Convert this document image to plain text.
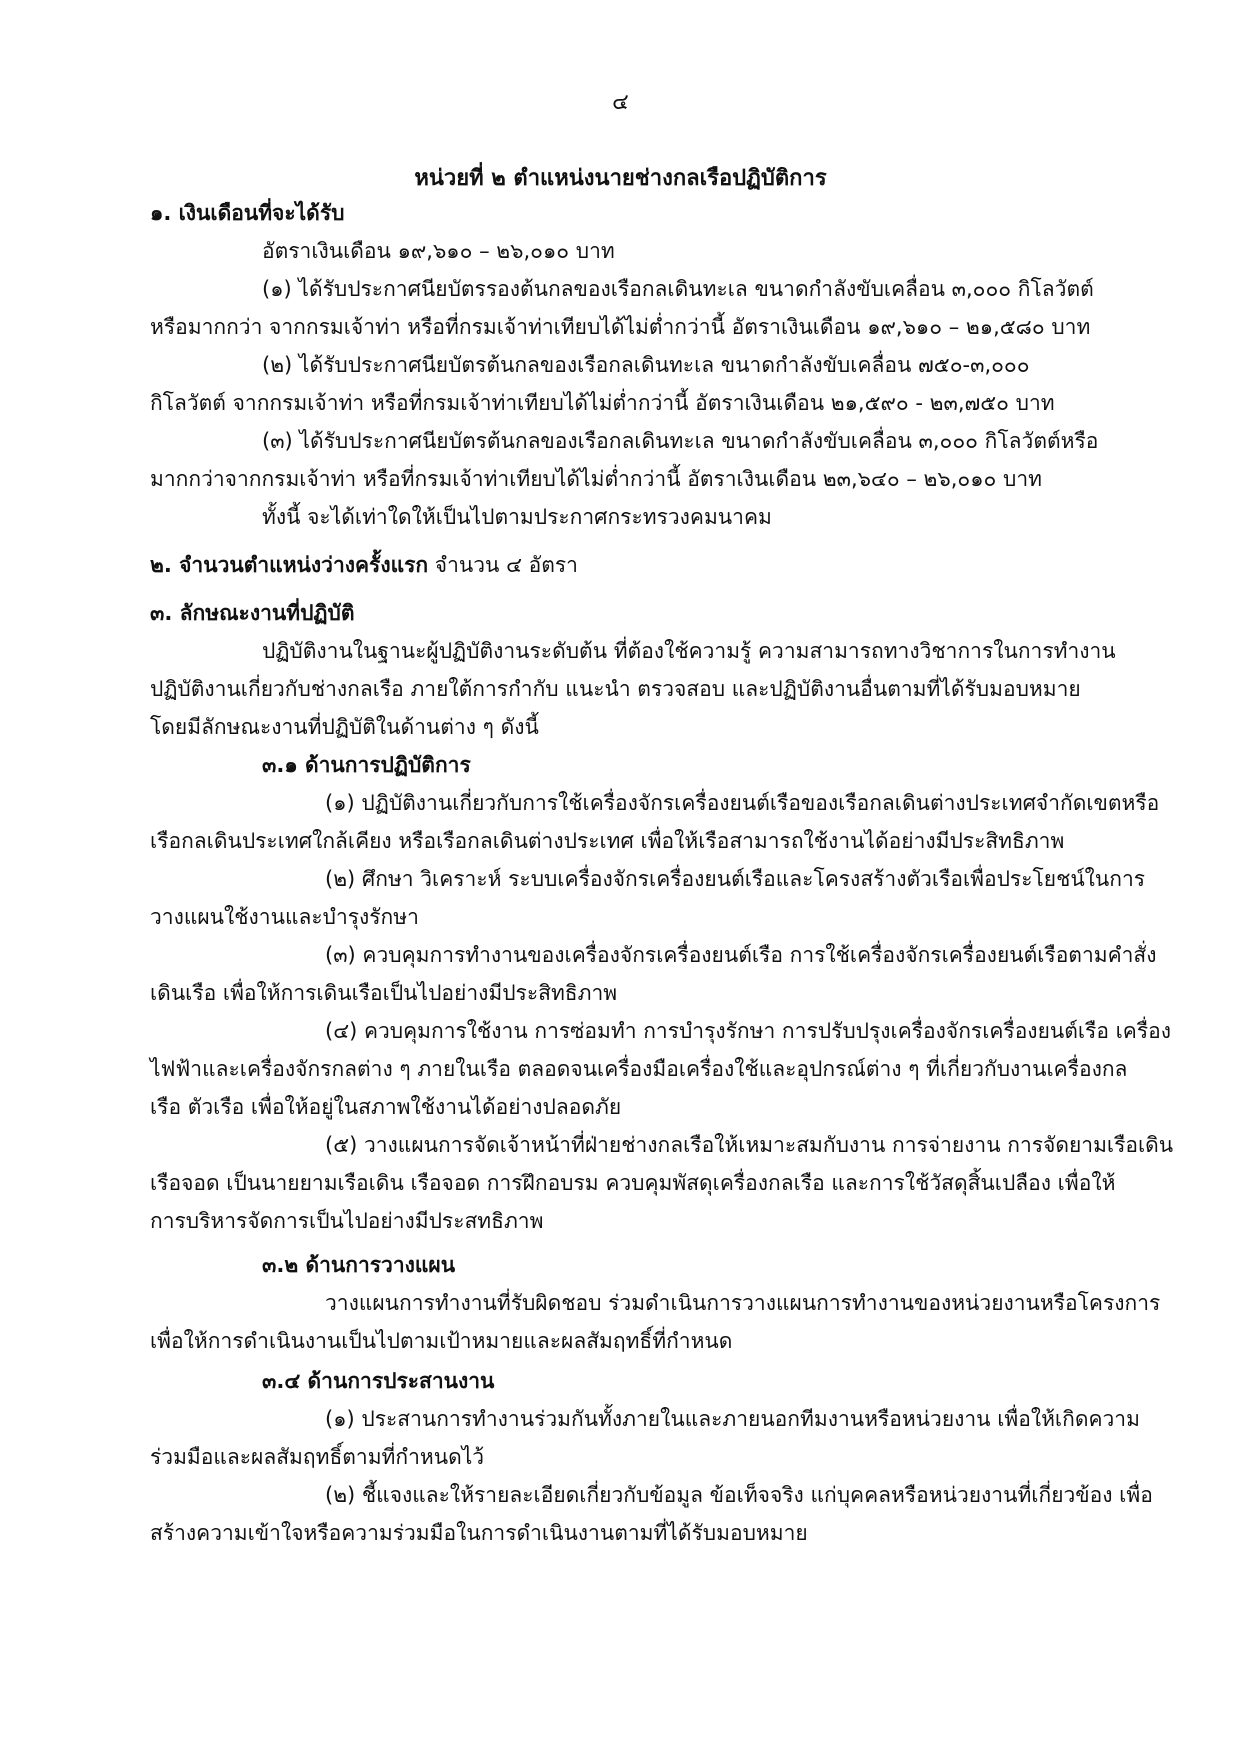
๔
หน่วยที่ ๒ ตำแหน่งนายช่างกลเรือปฏิบัติการ
๑. เงินเดือนที่จะได้รับ
อัตราเงินเดือน ๑๙,๖๑๐ – ๒๖,๐๑๐ บาท
(๑) ได้รับประกาศนียบัตรรองต้นกลของเรือกลเดินทะเล ขนาดกำลังขับเคลื่อน ๓,๐๐๐ กิโลวัตต์
หรือมากกว่า จากกรมเจ้าท่า หรือที่กรมเจ้าท่าเทียบได้ไม่ต่ำกว่านี้ อัตราเงินเดือน ๑๙,๖๑๐ – ๒๑,๕๘๐ บาท
(๒) ได้รับประกาศนียบัตรต้นกลของเรือกลเดินทะเล ขนาดกำลังขับเคลื่อน ๗๕๐-๓,๐๐๐
กิโลวัตต์ จากกรมเจ้าท่า หรือที่กรมเจ้าท่าเทียบได้ไม่ต่ำกว่านี้ อัตราเงินเดือน ๒๑,๕๙๐ - ๒๓,๗๕๐ บาท
(๓) ได้รับประกาศนียบัตรต้นกลของเรือกลเดินทะเล ขนาดกำลังขับเคลื่อน ๓,๐๐๐ กิโลวัตต์หรือ
มากกว่าจากกรมเจ้าท่า หรือที่กรมเจ้าท่าเทียบได้ไม่ต่ำกว่านี้ อัตราเงินเดือน ๒๓,๖๔๐ – ๒๖,๐๑๐ บาท
ทั้งนี้ จะได้เท่าใดให้เป็นไปตามประกาศกระทรวงคมนาคม
๒. จำนวนตำแหน่งว่างครั้งแรก จำนวน ๔ อัตรา
๓. ลักษณะงานที่ปฏิบัติ
ปฏิบัติงานในฐานะผู้ปฏิบัติงานระดับต้น ที่ต้องใช้ความรู้ ความสามารถทางวิชาการในการทำงาน
ปฏิบัติงานเกี่ยวกับช่างกลเรือ ภายใต้การกำกับ แนะนำ ตรวจสอบ และปฏิบัติงานอื่นตามที่ได้รับมอบหมาย
โดยมีลักษณะงานที่ปฏิบัติในด้านต่าง ๆ ดังนี้
๓.๑ ด้านการปฏิบัติการ
(๑) ปฏิบัติงานเกี่ยวกับการใช้เครื่องจักรเครื่องยนต์เรือของเรือกลเดินต่างประเทศจำกัดเขตหรือ
เรือกลเดินประเทศใกล้เคียง หรือเรือกลเดินต่างประเทศ เพื่อให้เรือสามารถใช้งานได้อย่างมีประสิทธิภาพ
(๒) ศึกษา วิเคราะห์ ระบบเครื่องจักรเครื่องยนต์เรือและโครงสร้างตัวเรือเพื่อประโยชน์ในการ
วางแผนใช้งานและบำรุงรักษา
(๓) ควบคุมการทำงานของเครื่องจักรเครื่องยนต์เรือ การใช้เครื่องจักรเครื่องยนต์เรือตามคำสั่ง
เดินเรือ เพื่อให้การเดินเรือเป็นไปอย่างมีประสิทธิภาพ
(๔) ควบคุมการใช้งาน การซ่อมทำ การบำรุงรักษา การปรับปรุงเครื่องจักรเครื่องยนต์เรือ เครื่อง
ไฟฟ้าและเครื่องจักรกลต่าง ๆ ภายในเรือ ตลอดจนเครื่องมือเครื่องใช้และอุปกรณ์ต่าง ๆ ที่เกี่ยวกับงานเครื่องกล
เรือ ตัวเรือ เพื่อให้อยู่ในสภาพใช้งานได้อย่างปลอดภัย
(๕) วางแผนการจัดเจ้าหน้าที่ฝ่ายช่างกลเรือให้เหมาะสมกับงาน การจ่ายงาน การจัดยามเรือเดิน
เรือจอด เป็นนายยามเรือเดิน เรือจอด การฝึกอบรม ควบคุมพัสดุเครื่องกลเรือ และการใช้วัสดุสิ้นเปลือง เพื่อให้
การบริหารจัดการเป็นไปอย่างมีประสทธิภาพ
๓.๒ ด้านการวางแผน
วางแผนการทำงานที่รับผิดชอบ ร่วมดำเนินการวางแผนการทำงานของหน่วยงานหรือโครงการ
เพื่อให้การดำเนินงานเป็นไปตามเป้าหมายและผลสัมฤทธิ์ที่กำหนด
๓.๔ ด้านการประสานงาน
(๑) ประสานการทำงานร่วมกันทั้งภายในและภายนอกทีมงานหรือหน่วยงาน เพื่อให้เกิดความ
ร่วมมือและผลสัมฤทธิ์ตามที่กำหนดไว้
(๒) ชี้แจงและให้รายละเอียดเกี่ยวกับข้อมูล ข้อเท็จจริง แก่บุคคลหรือหน่วยงานที่เกี่ยวข้อง เพื่อ
สร้างความเข้าใจหรือความร่วมมือในการดำเนินงานตามที่ได้รับมอบหมาย
